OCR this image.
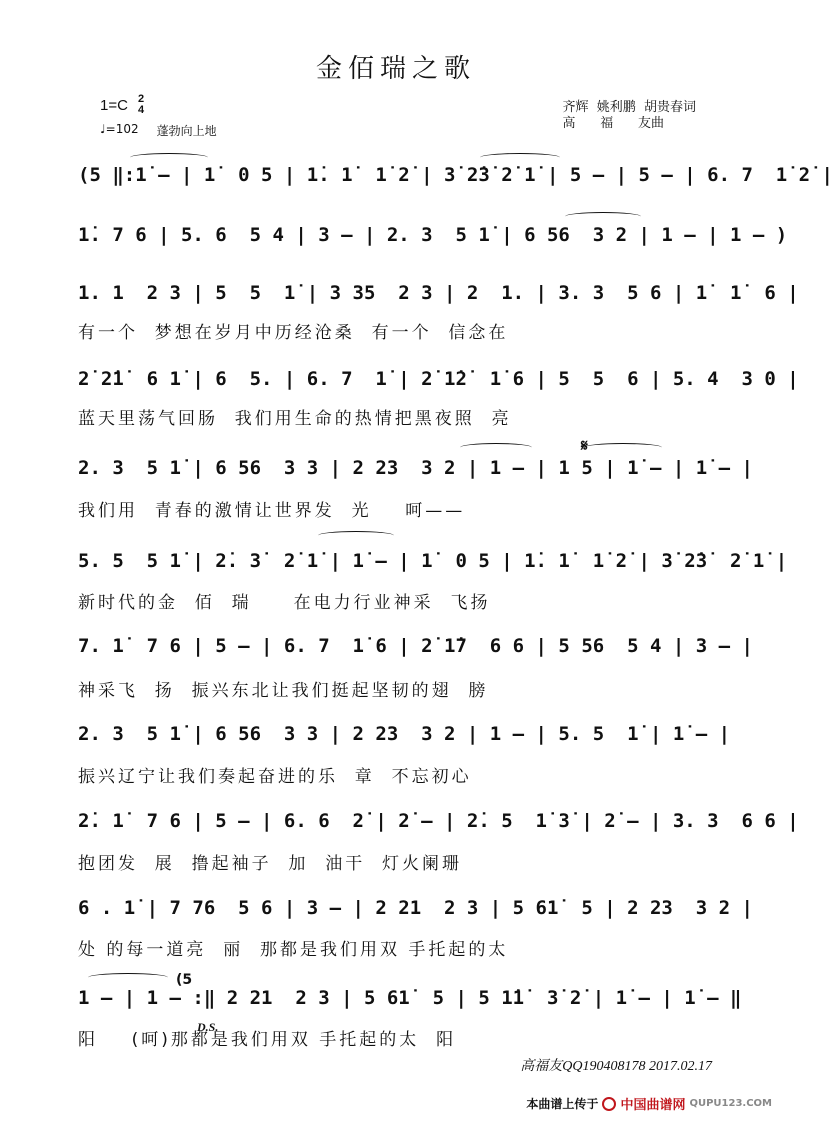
金佰瑞之歌
1=C 2
4
♩=102 蓬勃向上地
齐辉  姚利鹏  胡贵春词
高      福      友曲
(5 ‖:1̇ – | 1̇  0 5 | 1̇. 1̇  1̇ 2̇ | 3̇ 2̇3̇ 2̇ 1̇ | 5 – | 5 – | 6. 7  1̇ 2̇ |
1̇. 7 6 | 5. 6  5 4 | 3 – | 2. 3  5 1̇ | 6 56  3 2 | 1 – | 1 – )
1. 1  2 3 | 5  5  1̇ | 3 35  2 3 | 2  1. | 3. 3  5 6 | 1̇  1̇  6 |
有一个  梦想在岁月中历经沧桑  有一个  信念在
2̇ 2̇1̇  6 1̇ | 6  5. | 6. 7  1̇ | 2̇ 1̇2̇  1̇ 6 | 5  5  6 | 5. 4  3 0 |
蓝天里荡气回肠  我们用生命的热情把黑夜照  亮
2. 3  5 1̇ | 6 56  3 3 | 2 23  3 2 | 1 – | 1 5 | 1̇ – | 1̇ – |
我们用  青春的激情让世界发  光    呵——
5. 5  5 1̇ | 2̇. 3̇  2̇ 1̇ | 1̇ – | 1̇  0 5 | 1̇. 1̇  1̇ 2̇ | 3̇ 2̇3̇  2̇ 1̇ |
新时代的金  佰  瑞     在电力行业神采  飞扬
7. 1̇  7 6 | 5 – | 6. 7  1̇ 6 | 2̇ 1̇7  6 6 | 5 56  5 4 | 3 – |
神采飞  扬  振兴东北让我们挺起坚韧的翅  膀
2. 3  5 1̇ | 6 56  3 3 | 2 23  3 2 | 1 – | 5. 5  1̇ | 1̇ – |
振兴辽宁让我们奏起奋进的乐  章  不忘初心
2̇. 1̇  7 6 | 5 – | 6. 6  2̇ | 2̇ – | 2̇. 5  1̇ 3̇ | 2̇ – | 3. 3  6 6 |
抱团发  展  撸起袖子  加  油干  灯火阑珊
6 . 1̇ | 7 76  5 6 | 3 – | 2 21  2 3 | 5 61̇  5 | 2 23  3 2 |
处 的每一道亮  丽  那都是我们用双 手托起的太
1 – | 1 – :‖ 2 21  2 3 | 5 61̇  5 | 5 1̇1̇  3̇ 2̇ | 1̇ – | 1̇ – ‖
阳    (呵)那都是我们用双 手托起的太  阳
𝄋
D.S.
(5
高福友QQ190408178 2017.02.17
本曲谱上传于 中国曲谱网 QUPU123.COM
